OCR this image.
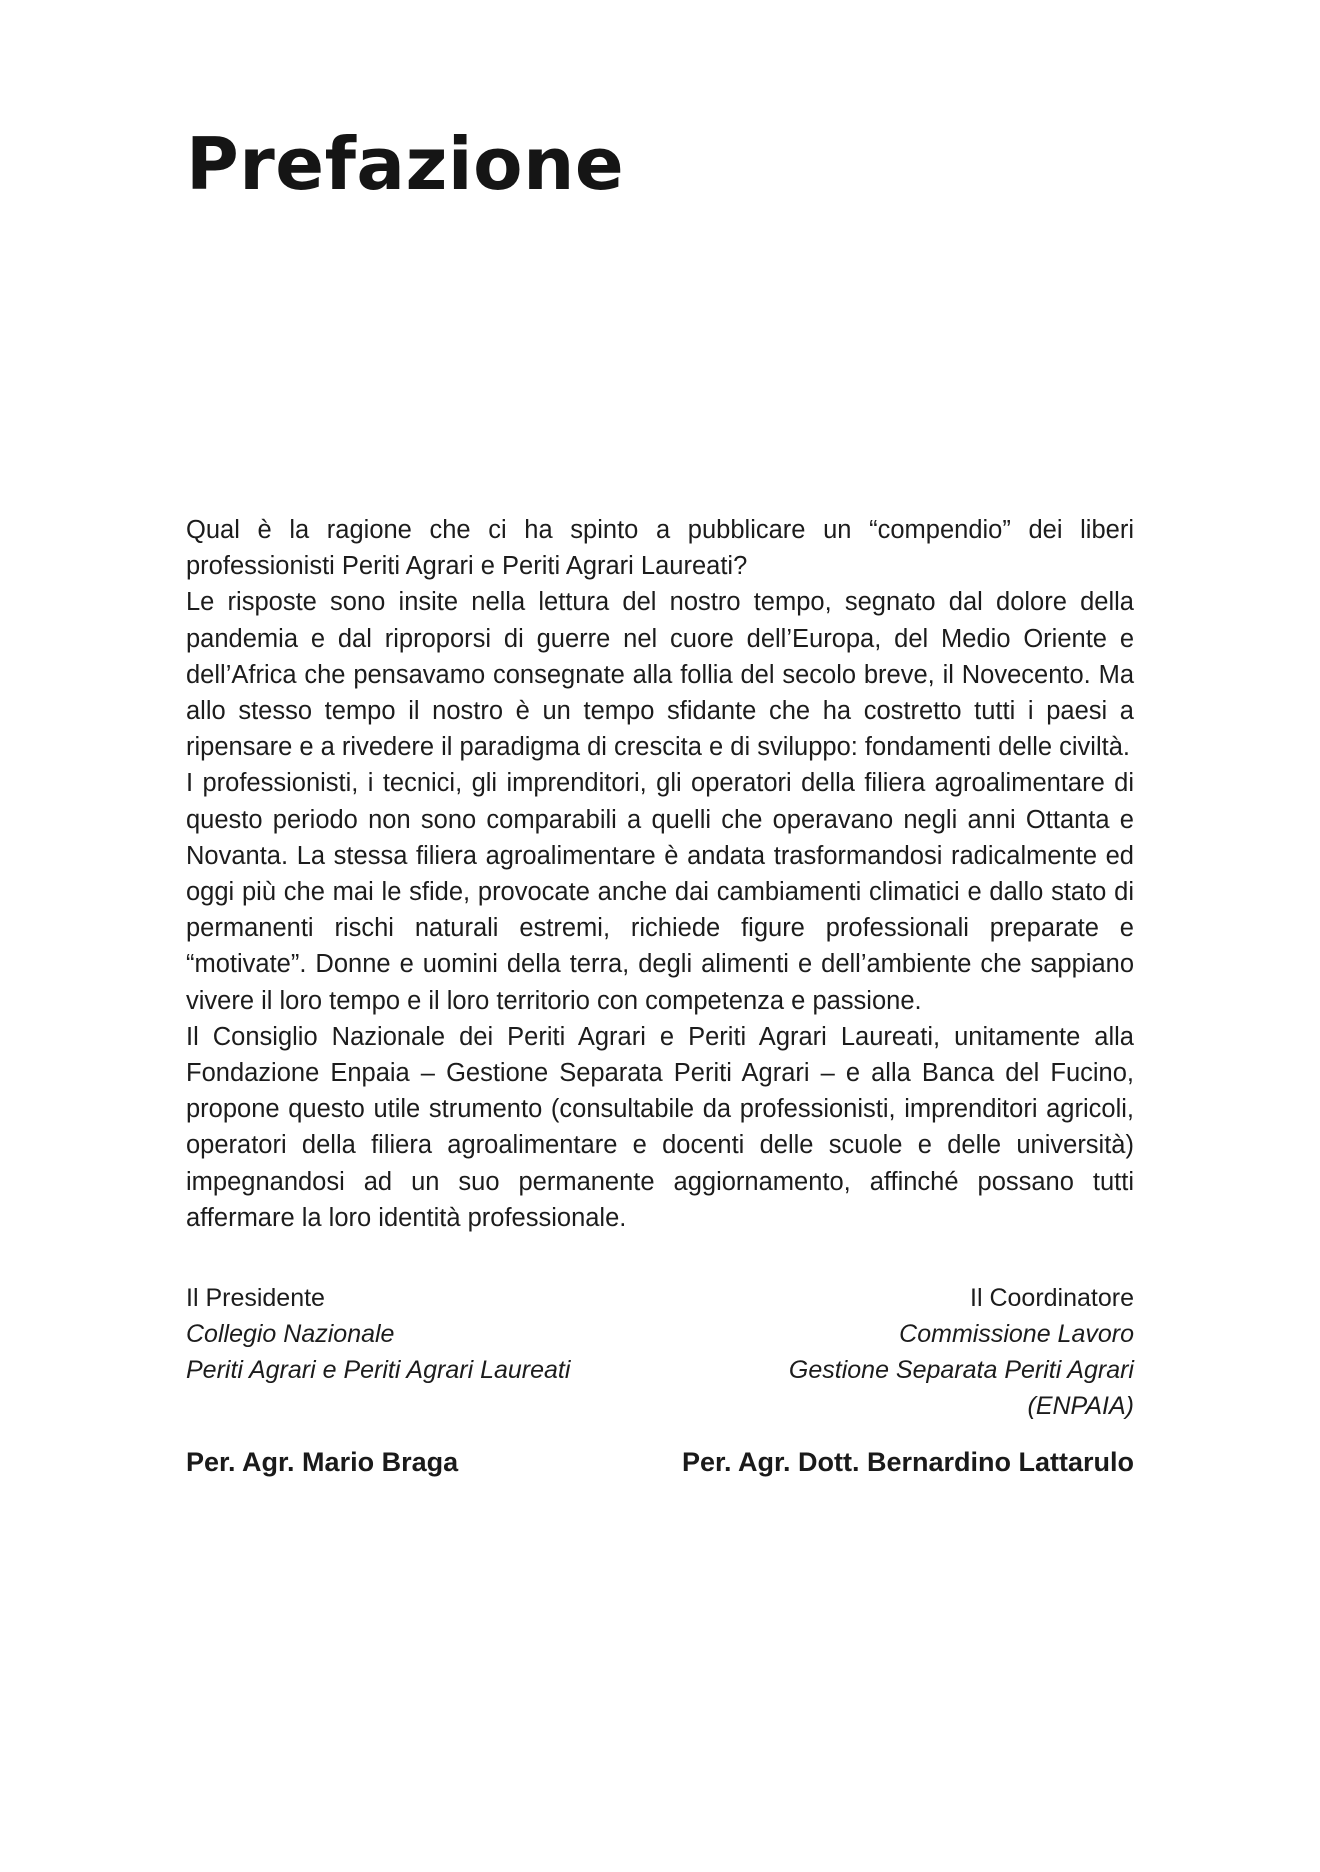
Prefazione

Qual è la ragione che ci ha spinto a pubblicare un “compendio” dei liberi professionisti Periti Agrari e Periti Agrari Laureati?

Le risposte sono insite nella lettura del nostro tempo, segnato dal dolore della pandemia e dal riproporsi di guerre nel cuore dell’Europa, del Medio Oriente e dell’Africa che pensavamo consegnate alla follia del secolo breve, il Novecento. Ma allo stesso tempo il nostro è un tempo sfidante che ha costretto tutti i paesi a ripensare e a rivedere il paradigma di crescita e di sviluppo: fondamenti delle civiltà.

I professionisti, i tecnici, gli imprenditori, gli operatori della filiera agroalimentare di questo periodo non sono comparabili a quelli che operavano negli anni Ottanta e Novanta. La stessa filiera agroalimentare è andata trasformandosi radicalmente ed oggi più che mai le sfide, provocate anche dai cambiamenti climatici e dallo stato di permanenti rischi naturali estremi, richiede figure professionali preparate e “motivate”. Donne e uomini della terra, degli alimenti e dell’ambiente che sappiano vivere il loro tempo e il loro territorio con competenza e passione.

Il Consiglio Nazionale dei Periti Agrari e Periti Agrari Laureati, unitamente alla Fondazione Enpaia – Gestione Separata Periti Agrari – e alla Banca del Fucino, propone questo utile strumento (consultabile da professionisti, imprenditori agricoli, operatori della filiera agroalimentare e docenti delle scuole e delle università) impegnandosi ad un suo permanente aggiornamento, affinché possano tutti affermare la loro identità professionale.

Il Presidente
Collegio Nazionale
Periti Agrari e Periti Agrari Laureati
Il Coordinatore
Commissione Lavoro
Gestione Separata Periti Agrari
(ENPAIA)
Per. Agr. Mario Braga	Per. Agr. Dott. Bernardino Lattarulo
